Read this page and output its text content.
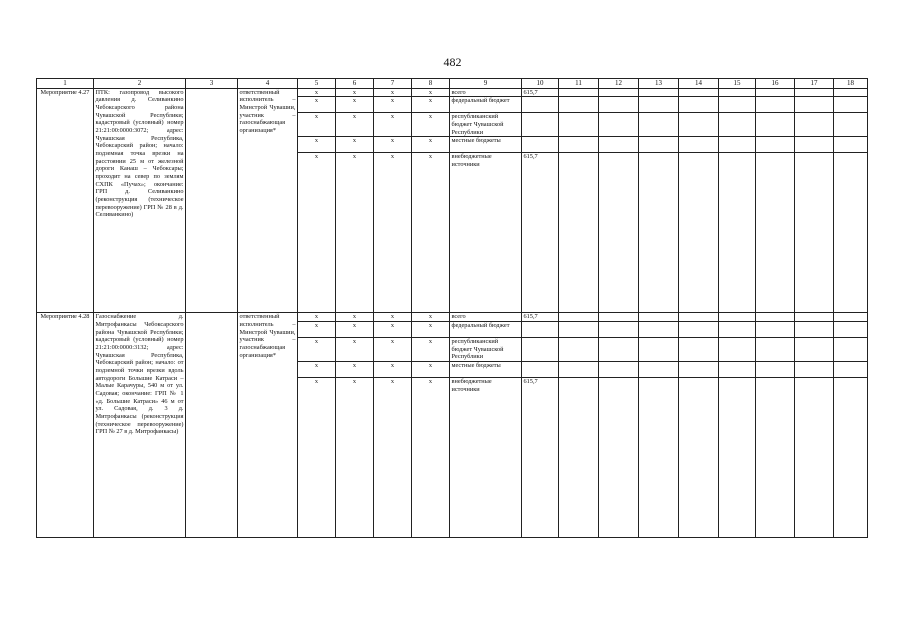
482
1	2	3	4	5	6	7	8	9	10	11	12	13	14	15	16	17	18
Мероприятие 4.27	ПТК: газопровод высокого давления д. Селиванкино Чебоксарского района Чувашской Республики; кадастровый (условный) номер 21:21:00:0000:3072; адрес: Чувашская Республика, Чебоксарский район; начало: подземная точка врезки на расстоянии 25 м от железной дороги Канаш – Чебоксары; проходит на север по землям СХПК «Пучах»; окончание: ГРП д. Селиванкино (реконструкция (техническое перевооружение) ГРП № 28 в д. Селиванкино)		ответственный исполнитель – Минстрой Чувашии, участник – газоснабжающая организация*	х	х	х	х	всего	615,7								
				х	х	х	х	федеральный бюджет									
				х	х	х	х	республиканский бюджет Чувашской Республики									
				х	х	х	х	местные бюджеты									
				х	х	х	х	внебюджетные источники	615,7								
Мероприятие 4.28	Газоснабжение д. Митрофанкасы Чебоксарского района Чувашской Республики; кадастровый (условный) номер 21:21:00:0000:3132; адрес: Чувашская Республика, Чебоксарский район; начало: от подземной точки врезки вдоль автодороги Большие Катраси – Малые Карачуры, 540 м от ул. Садовая; окончание: ГРП № 1 «д. Большие Катраси» 46 м от ул. Садовая, д. 3 д. Митрофанкасы (реконструкция (техническое перевооружение) ГРП № 27 в д. Митрофанкасы)		ответственный исполнитель – Минстрой Чувашии, участник – газоснабжающая организация*	х	х	х	х	всего	615,7								
				х	х	х	х	федеральный бюджет									
				х	х	х	х	республиканский бюджет Чувашской Республики									
				х	х	х	х	местные бюджеты									
				х	х	х	х	внебюджетные источники	615,7								
